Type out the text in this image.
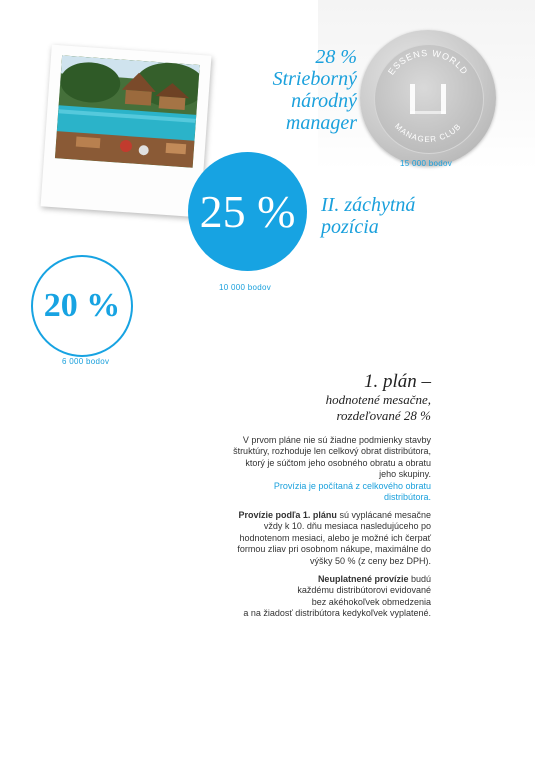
ESSENS WORLD
MANAGER CLUB
28 %
Strieborný
národný
manager
15 000 bodov
25 % II. záchytná
pozícia
10 000 bodov
20 %
6 000 bodov
1. plán –
hodnotené mesačne,
rozdeľované 28 %
V prvom pláne nie sú žiadne podmienky stavby
štruktúry, rozhoduje len celkový obrat distribútora,
ktorý je súčtom jeho osobného obratu a obratu
jeho skupiny.
Provízia je počítaná z celkového obratu
distribútora.
Provízie podľa 1. plánu sú vyplácané mesačne
vždy k 10. dňu mesiaca nasledujúceho po
hodnotenom mesiaci, alebo je možné ich čerpať
formou zliav pri osobnom nákupe, maximálne do
výšky 50 % (z ceny bez DPH).
Neuplatnené provízie budú
každému distribútorovi evidované
bez akéhokoľvek obmedzenia
a na žiadosť distribútora kedykoľvek vyplatené.
